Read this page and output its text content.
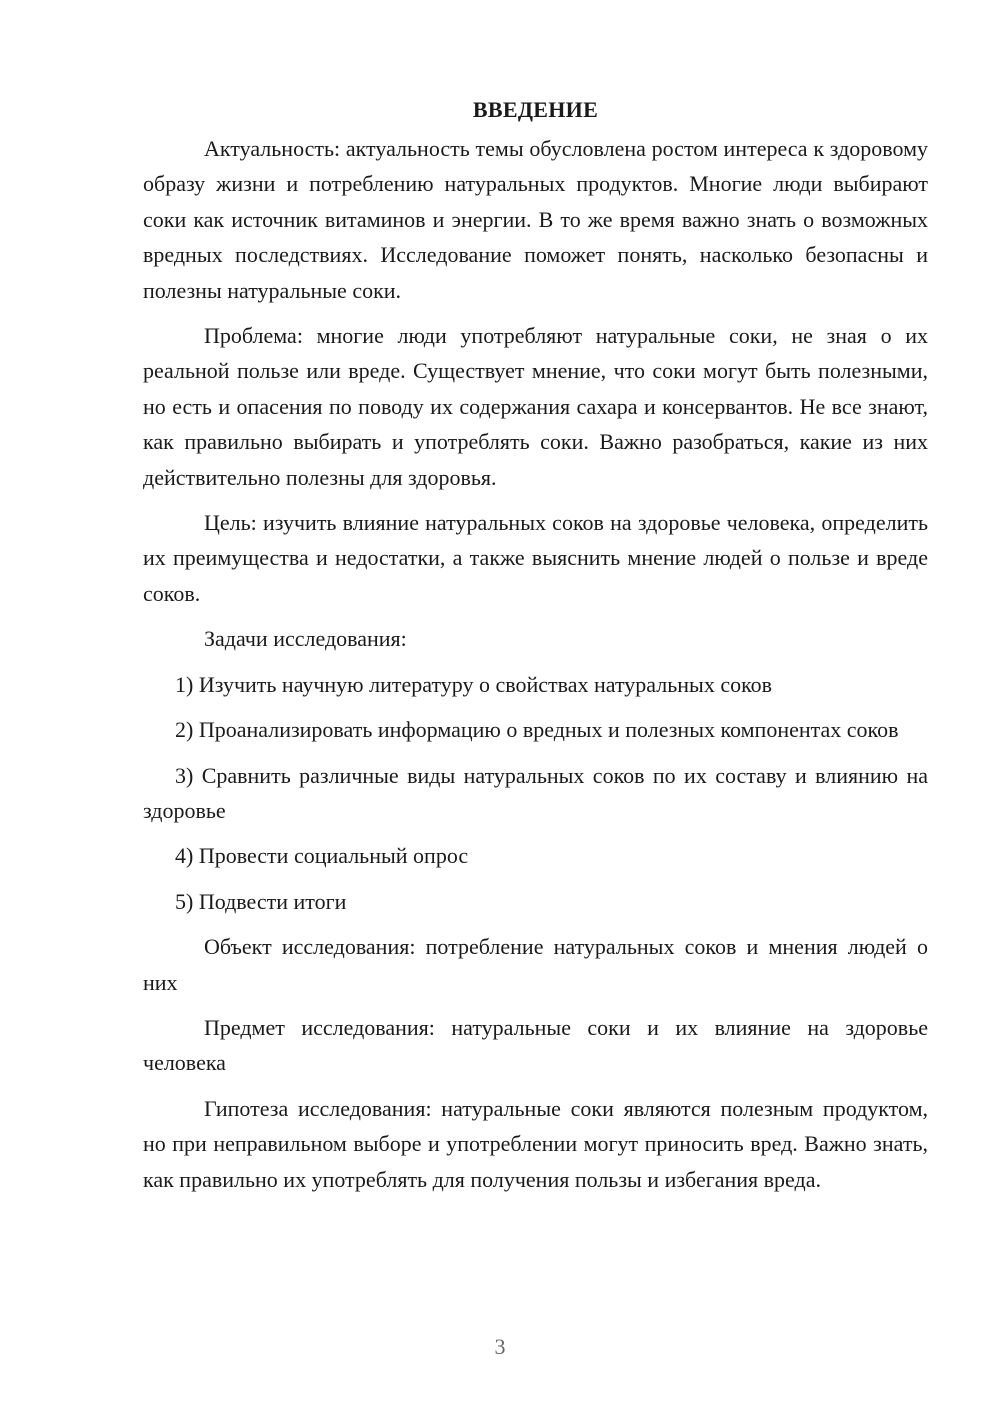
ВВЕДЕНИЕ

Актуальность: актуальность темы обусловлена ростом интереса к здоровому образу жизни и потреблению натуральных продуктов. Многие люди выбирают соки как источник витаминов и энергии. В то же время важно знать о возможных вредных последствиях. Исследование поможет понять, насколько безопасны и полезны натуральные соки.

Проблема: многие люди употребляют натуральные соки, не зная о их реальной пользе или вреде. Существует мнение, что соки могут быть полезными, но есть и опасения по поводу их содержания сахара и консервантов. Не все знают, как правильно выбирать и употреблять соки. Важно разобраться, какие из них действительно полезны для здоровья.

Цель: изучить влияние натуральных соков на здоровье человека, определить их преимущества и недостатки, а также выяснить мнение людей о пользе и вреде соков.

Задачи исследования:

1) Изучить научную литературу о свойствах натуральных соков

2) Проанализировать информацию о вредных и полезных компонентах соков

3) Сравнить различные виды натуральных соков по их составу и влиянию на здоровье

4) Провести социальный опрос

5) Подвести итоги

Объект исследования: потребление натуральных соков и мнения людей о них

Предмет исследования: натуральные соки и их влияние на здоровье человека

Гипотеза исследования: натуральные соки являются полезным продуктом, но при неправильном выборе и употреблении могут приносить вред. Важно знать, как правильно их употреблять для получения пользы и избегания вреда.

3
